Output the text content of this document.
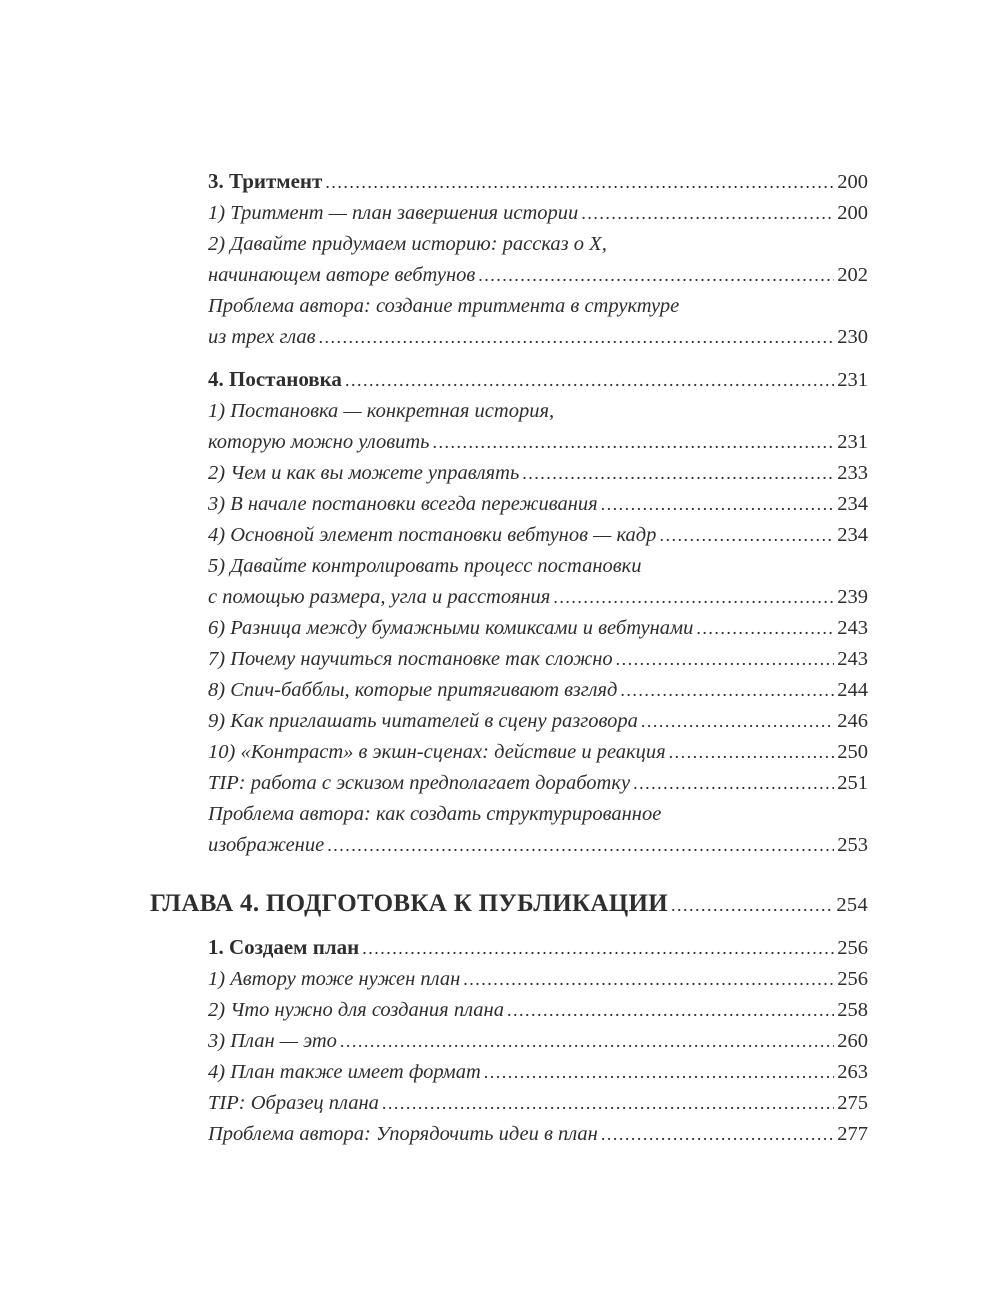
3. Тритмент .....	200
1) Тритмент — план завершения истории .....	200
2) Давайте придумаем историю: рассказ о X,
начинающем авторе вебтунов .....	202
Проблема автора: создание тритмента в структуре
из трех глав .....	230
4. Постановка .....	231
1) Постановка — конкретная история,
которую можно уловить .....	231
2) Чем и как вы можете управлять .....	233
3) В начале постановки всегда переживания .....	234
4) Основной элемент постановки вебтунов — кадр .....	234
5) Давайте контролировать процесс постановки
с помощью размера, угла и расстояния .....	239
6) Разница между бумажными комиксами и вебтунами .....	243
7) Почему научиться постановке так сложно .....	243
8) Спич-бабблы, которые притягивают взгляд .....	244
9) Как приглашать читателей в сцену разговора .....	246
10) «Контраст» в экшн-сценах: действие и реакция .....	250
TIP: работа с эскизом предполагает доработку .....	251
Проблема автора: как создать структурированное
изображение .....	253
ГЛАВА 4. ПОДГОТОВКА К ПУБЛИКАЦИИ .....	254
1. Создаем план .....	256
1) Автору тоже нужен план .....	256
2) Что нужно для создания плана .....	258
3) План — это .....	260
4) План также имеет формат .....	263
TIP: Образец плана .....	275
Проблема автора: Упорядочить идеи в план .....	277
